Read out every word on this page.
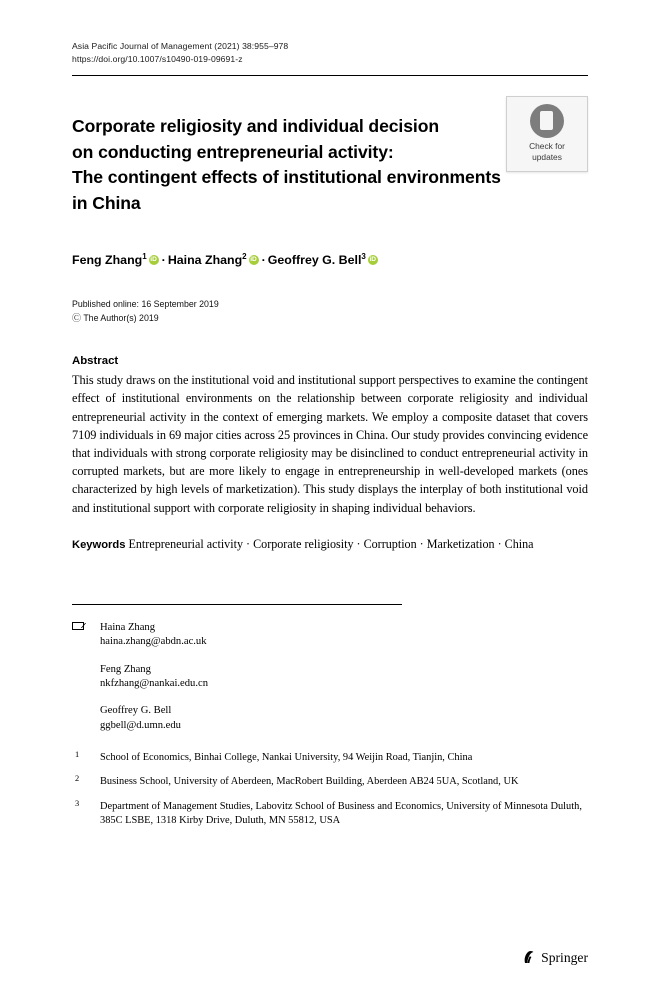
Asia Pacific Journal of Management (2021) 38:955–978
https://doi.org/10.1007/s10490-019-09691-z
Check for
updates
Corporate religiosity and individual decision
on conducting entrepreneurial activity:
The contingent effects of institutional environments
in China
Feng Zhang$^1$ iD · Haina Zhang$^2$ iD · Geoffrey G. Bell$^3$iD
Published online: 16 September 2019
Ⓒ The Author(s) 2019
Abstract
This study draws on the institutional void and institutional support perspectives to examine the contingent effect of institutional environments on the relationship between corporate religiosity and individual entrepreneurial activity in the context of emerging markets. We employ a composite dataset that covers 7109 individuals in 69 major cities across 25 provinces in China. Our study provides convincing evidence that individuals with strong corporate religiosity may be disinclined to conduct entrepreneurial activity in corrupted markets, but are more likely to engage in entrepreneurship in well-developed markets (ones characterized by high levels of marketization). This study displays the interplay of both institutional void and institutional support with corporate religiosity in shaping individual behaviors.
Keywords Entrepreneurial activity · Corporate religiosity · Corruption · Marketization · China
Haina Zhang
haina.zhang@abdn.ac.uk
Feng Zhang
nkfzhang@nankai.edu.cn
Geoffrey G. Bell
ggbell@d.umn.edu
1 School of Economics, Binhai College, Nankai University, 94 Weijin Road, Tianjin, China
2 Business School, University of Aberdeen, MacRobert Building, Aberdeen AB24 5UA, Scotland, UK
3 Department of Management Studies, Labovitz School of Business and Economics, University of Minnesota Duluth, 385C LSBE, 1318 Kirby Drive, Duluth, MN 55812, USA
Springer
